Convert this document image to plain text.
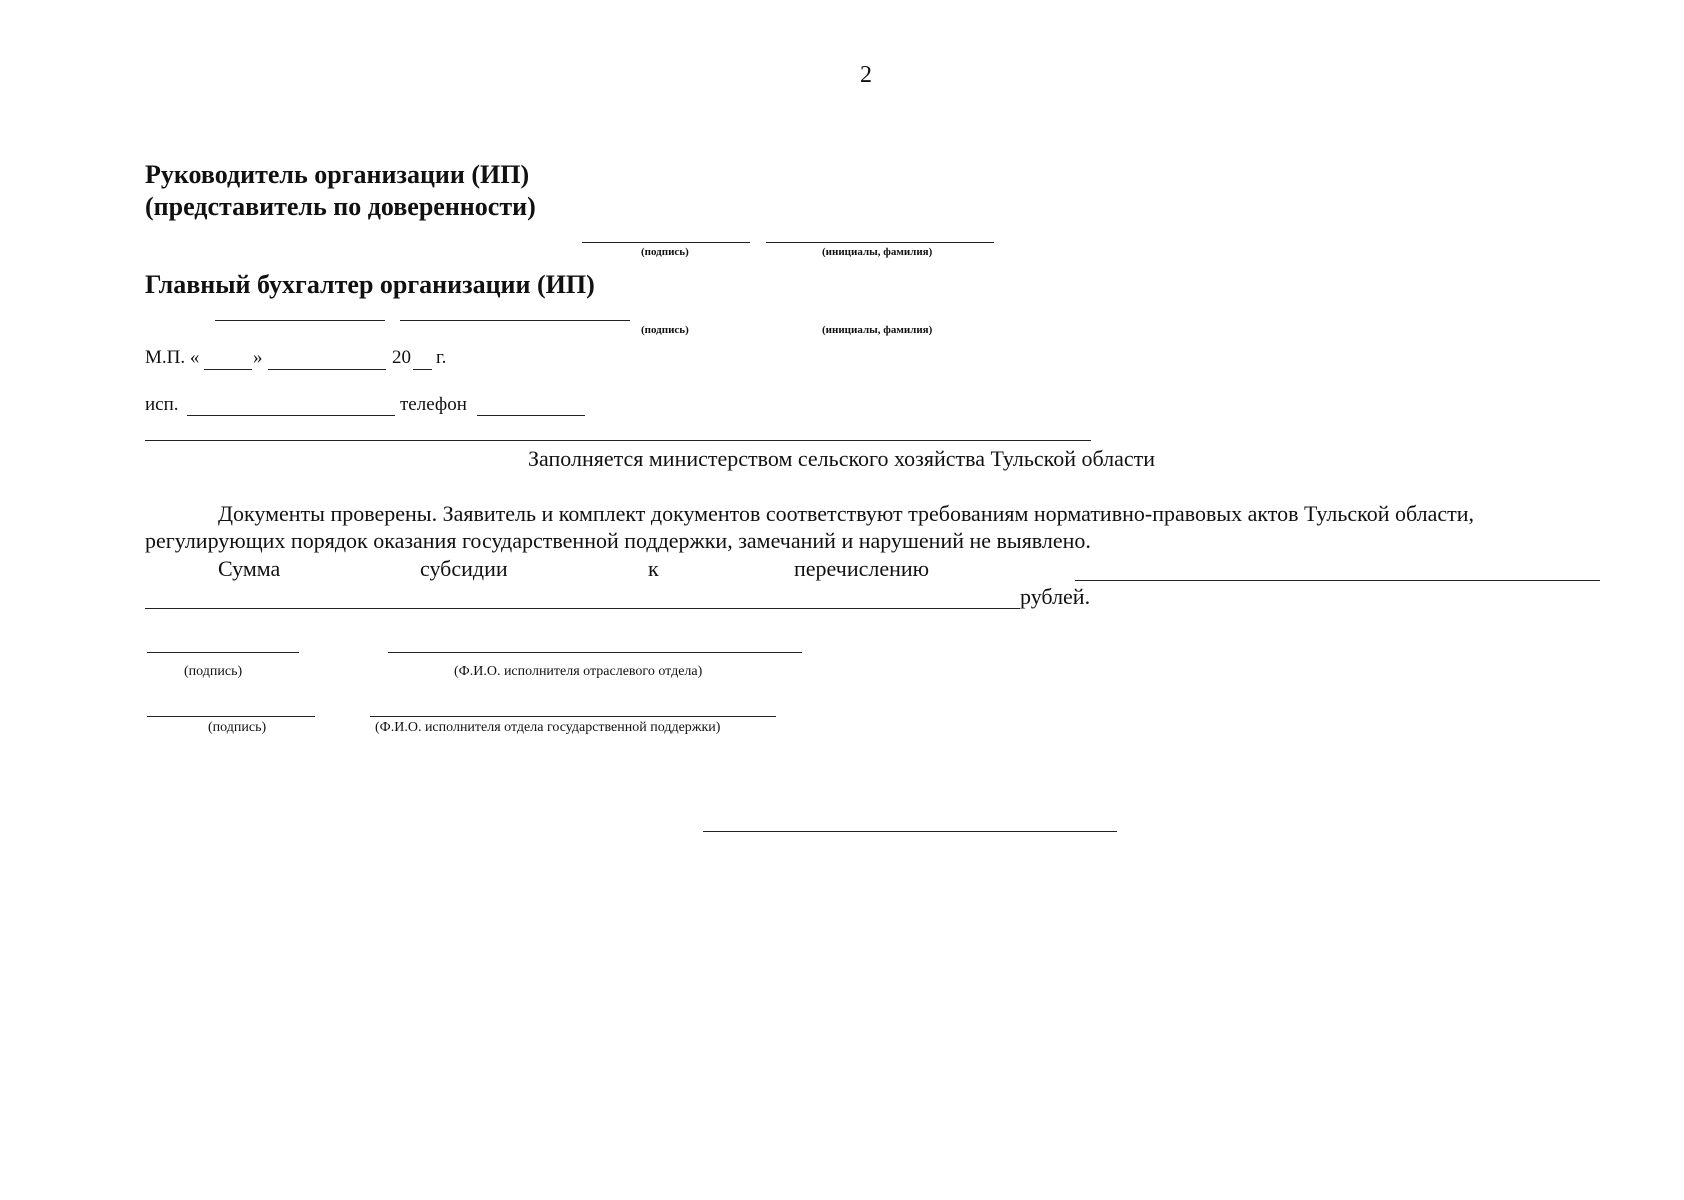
2
Руководитель организации (ИП)
(представитель по доверенности)
(подпись)	(инициалы, фамилия)
Главный бухгалтер организации (ИП)
(подпись)	(инициалы, фамилия)
М.П. «	»	20 г.
исп.	телефон
Заполняется министерством сельского хозяйства Тульской области
Документы проверены. Заявитель и комплект документов соответствуют требованиям нормативно-правовых актов Тульской области,
регулирующих порядок оказания государственной поддержки, замечаний и нарушений не выявлено.
Сумма	субсидии	к	перечислению
рублей.
(подпись)	(Ф.И.О. исполнителя отраслевого отдела)
(подпись)	(Ф.И.О. исполнителя отдела государственной поддержки)
